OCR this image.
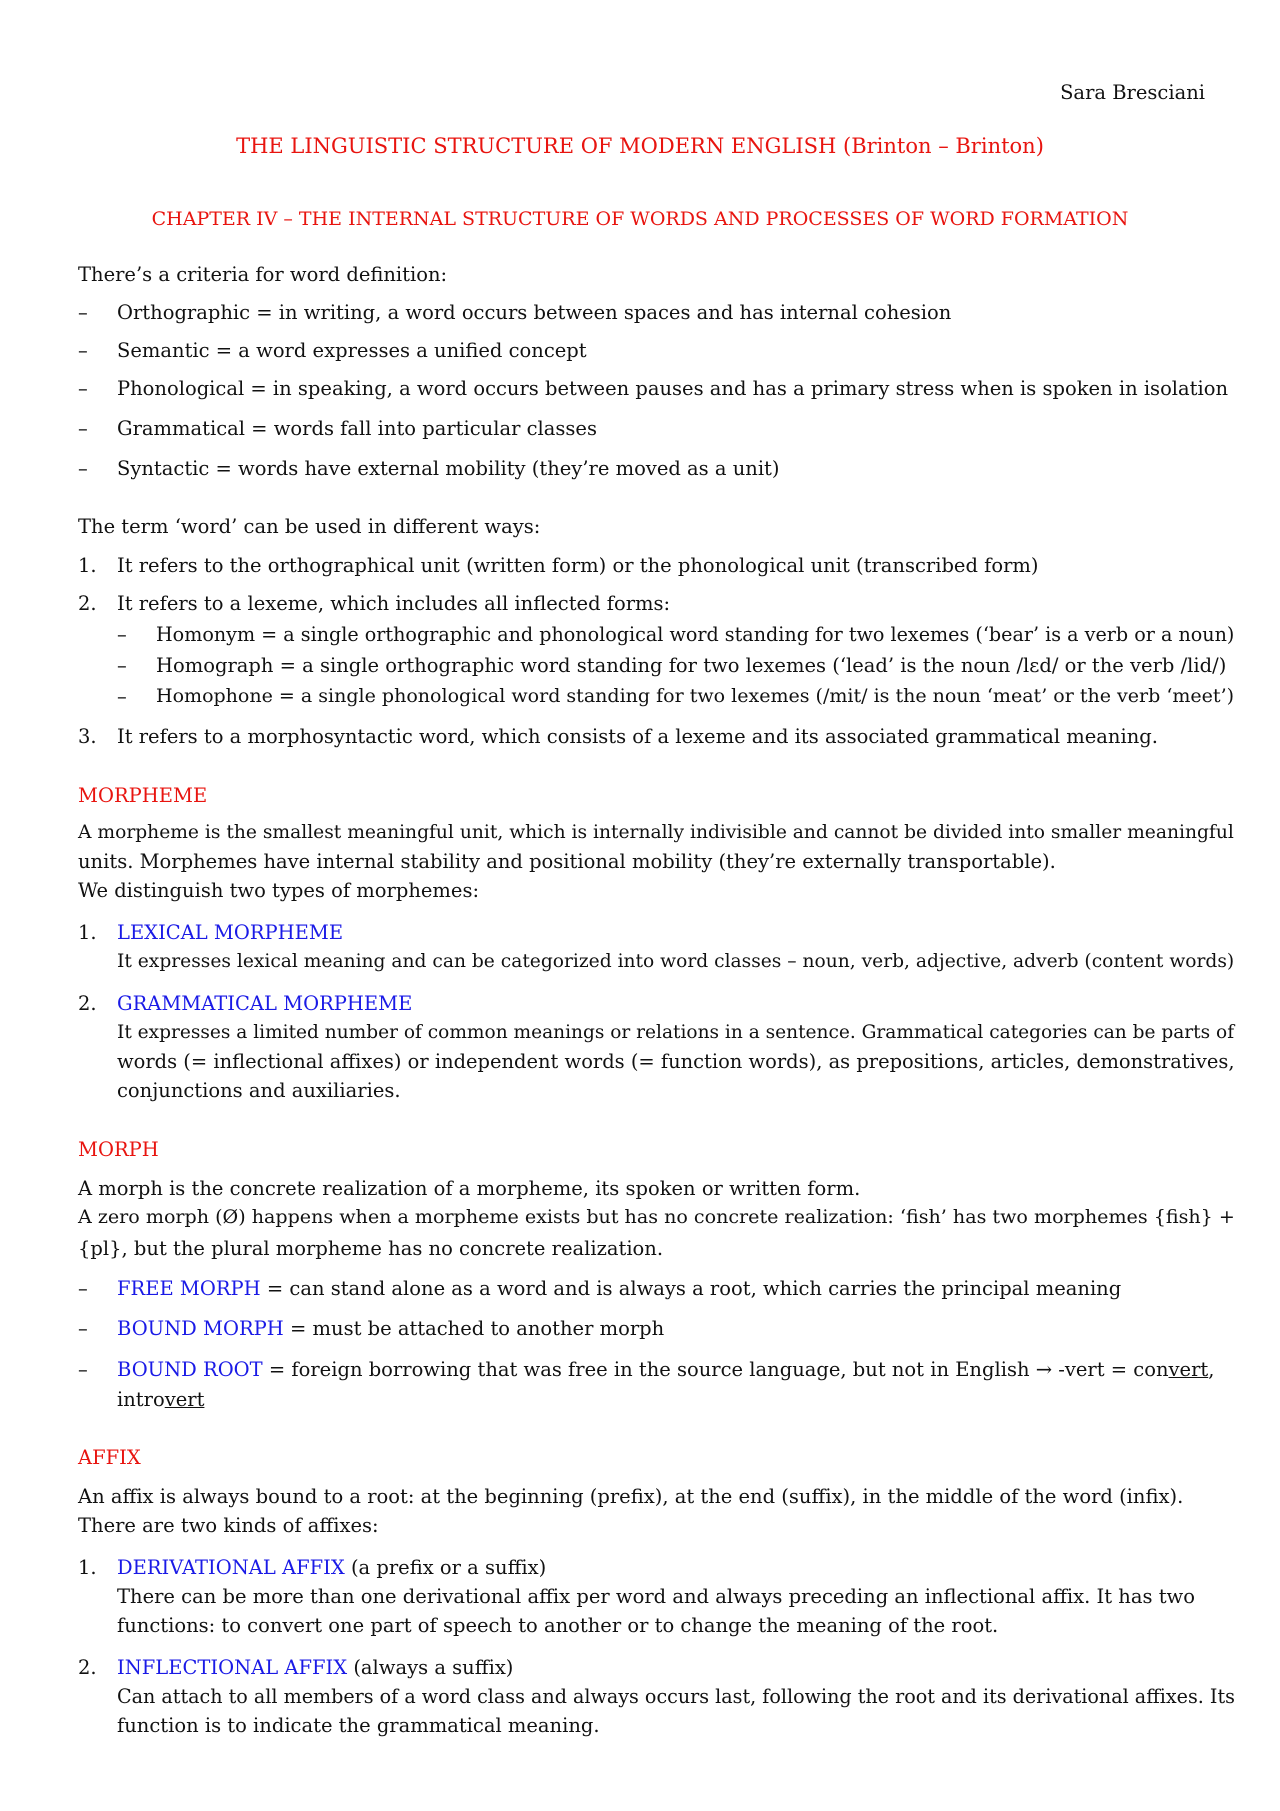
Sara Bresciani
THE LINGUISTIC STRUCTURE OF MODERN ENGLISH (Brinton – Brinton)
CHAPTER IV – THE INTERNAL STRUCTURE OF WORDS AND PROCESSES OF WORD FORMATION
There’s a criteria for word definition:
– Orthographic = in writing, a word occurs between spaces and has internal cohesion
– Semantic = a word expresses a unified concept
– Phonological = in speaking, a word occurs between pauses and has a primary stress when is spoken in isolation
– Grammatical = words fall into particular classes
– Syntactic = words have external mobility (they’re moved as a unit)
The term ‘word’ can be used in different ways:
1. It refers to the orthographical unit (written form) or the phonological unit (transcribed form)
2. It refers to a lexeme, which includes all inflected forms:
– Homonym = a single orthographic and phonological word standing for two lexemes (‘bear’ is a verb or a noun)
– Homograph = a single orthographic word standing for two lexemes (‘lead’ is the noun /lɛd/ or the verb /lid/)
– Homophone = a single phonological word standing for two lexemes (/mit/ is the noun ‘meat’ or the verb ‘meet’)
3. It refers to a morphosyntactic word, which consists of a lexeme and its associated grammatical meaning.
MORPHEME
A morpheme is the smallest meaningful unit, which is internally indivisible and cannot be divided into smaller meaningful
units. Morphemes have internal stability and positional mobility (they’re externally transportable).
We distinguish two types of morphemes:
1. LEXICAL MORPHEME
It expresses lexical meaning and can be categorized into word classes – noun, verb, adjective, adverb (content words)
2. GRAMMATICAL MORPHEME
It expresses a limited number of common meanings or relations in a sentence. Grammatical categories can be parts of
words (= inflectional affixes) or independent words (= function words), as prepositions, articles, demonstratives,
conjunctions and auxiliaries.
MORPH
A morph is the concrete realization of a morpheme, its spoken or written form.
A zero morph (Ø) happens when a morpheme exists but has no concrete realization: ‘fish’ has two morphemes {fish} +
{pl}, but the plural morpheme has no concrete realization.
– FREE MORPH = can stand alone as a word and is always a root, which carries the principal meaning
– BOUND MORPH = must be attached to another morph
– BOUND ROOT = foreign borrowing that was free in the source language, but not in English → -vert = convert,
introvert
AFFIX
An affix is always bound to a root: at the beginning (prefix), at the end (suffix), in the middle of the word (infix).
There are two kinds of affixes:
1. DERIVATIONAL AFFIX (a prefix or a suffix)
There can be more than one derivational affix per word and always preceding an inflectional affix. It has two
functions: to convert one part of speech to another or to change the meaning of the root.
2. INFLECTIONAL AFFIX (always a suffix)
Can attach to all members of a word class and always occurs last, following the root and its derivational affixes. Its
function is to indicate the grammatical meaning.
